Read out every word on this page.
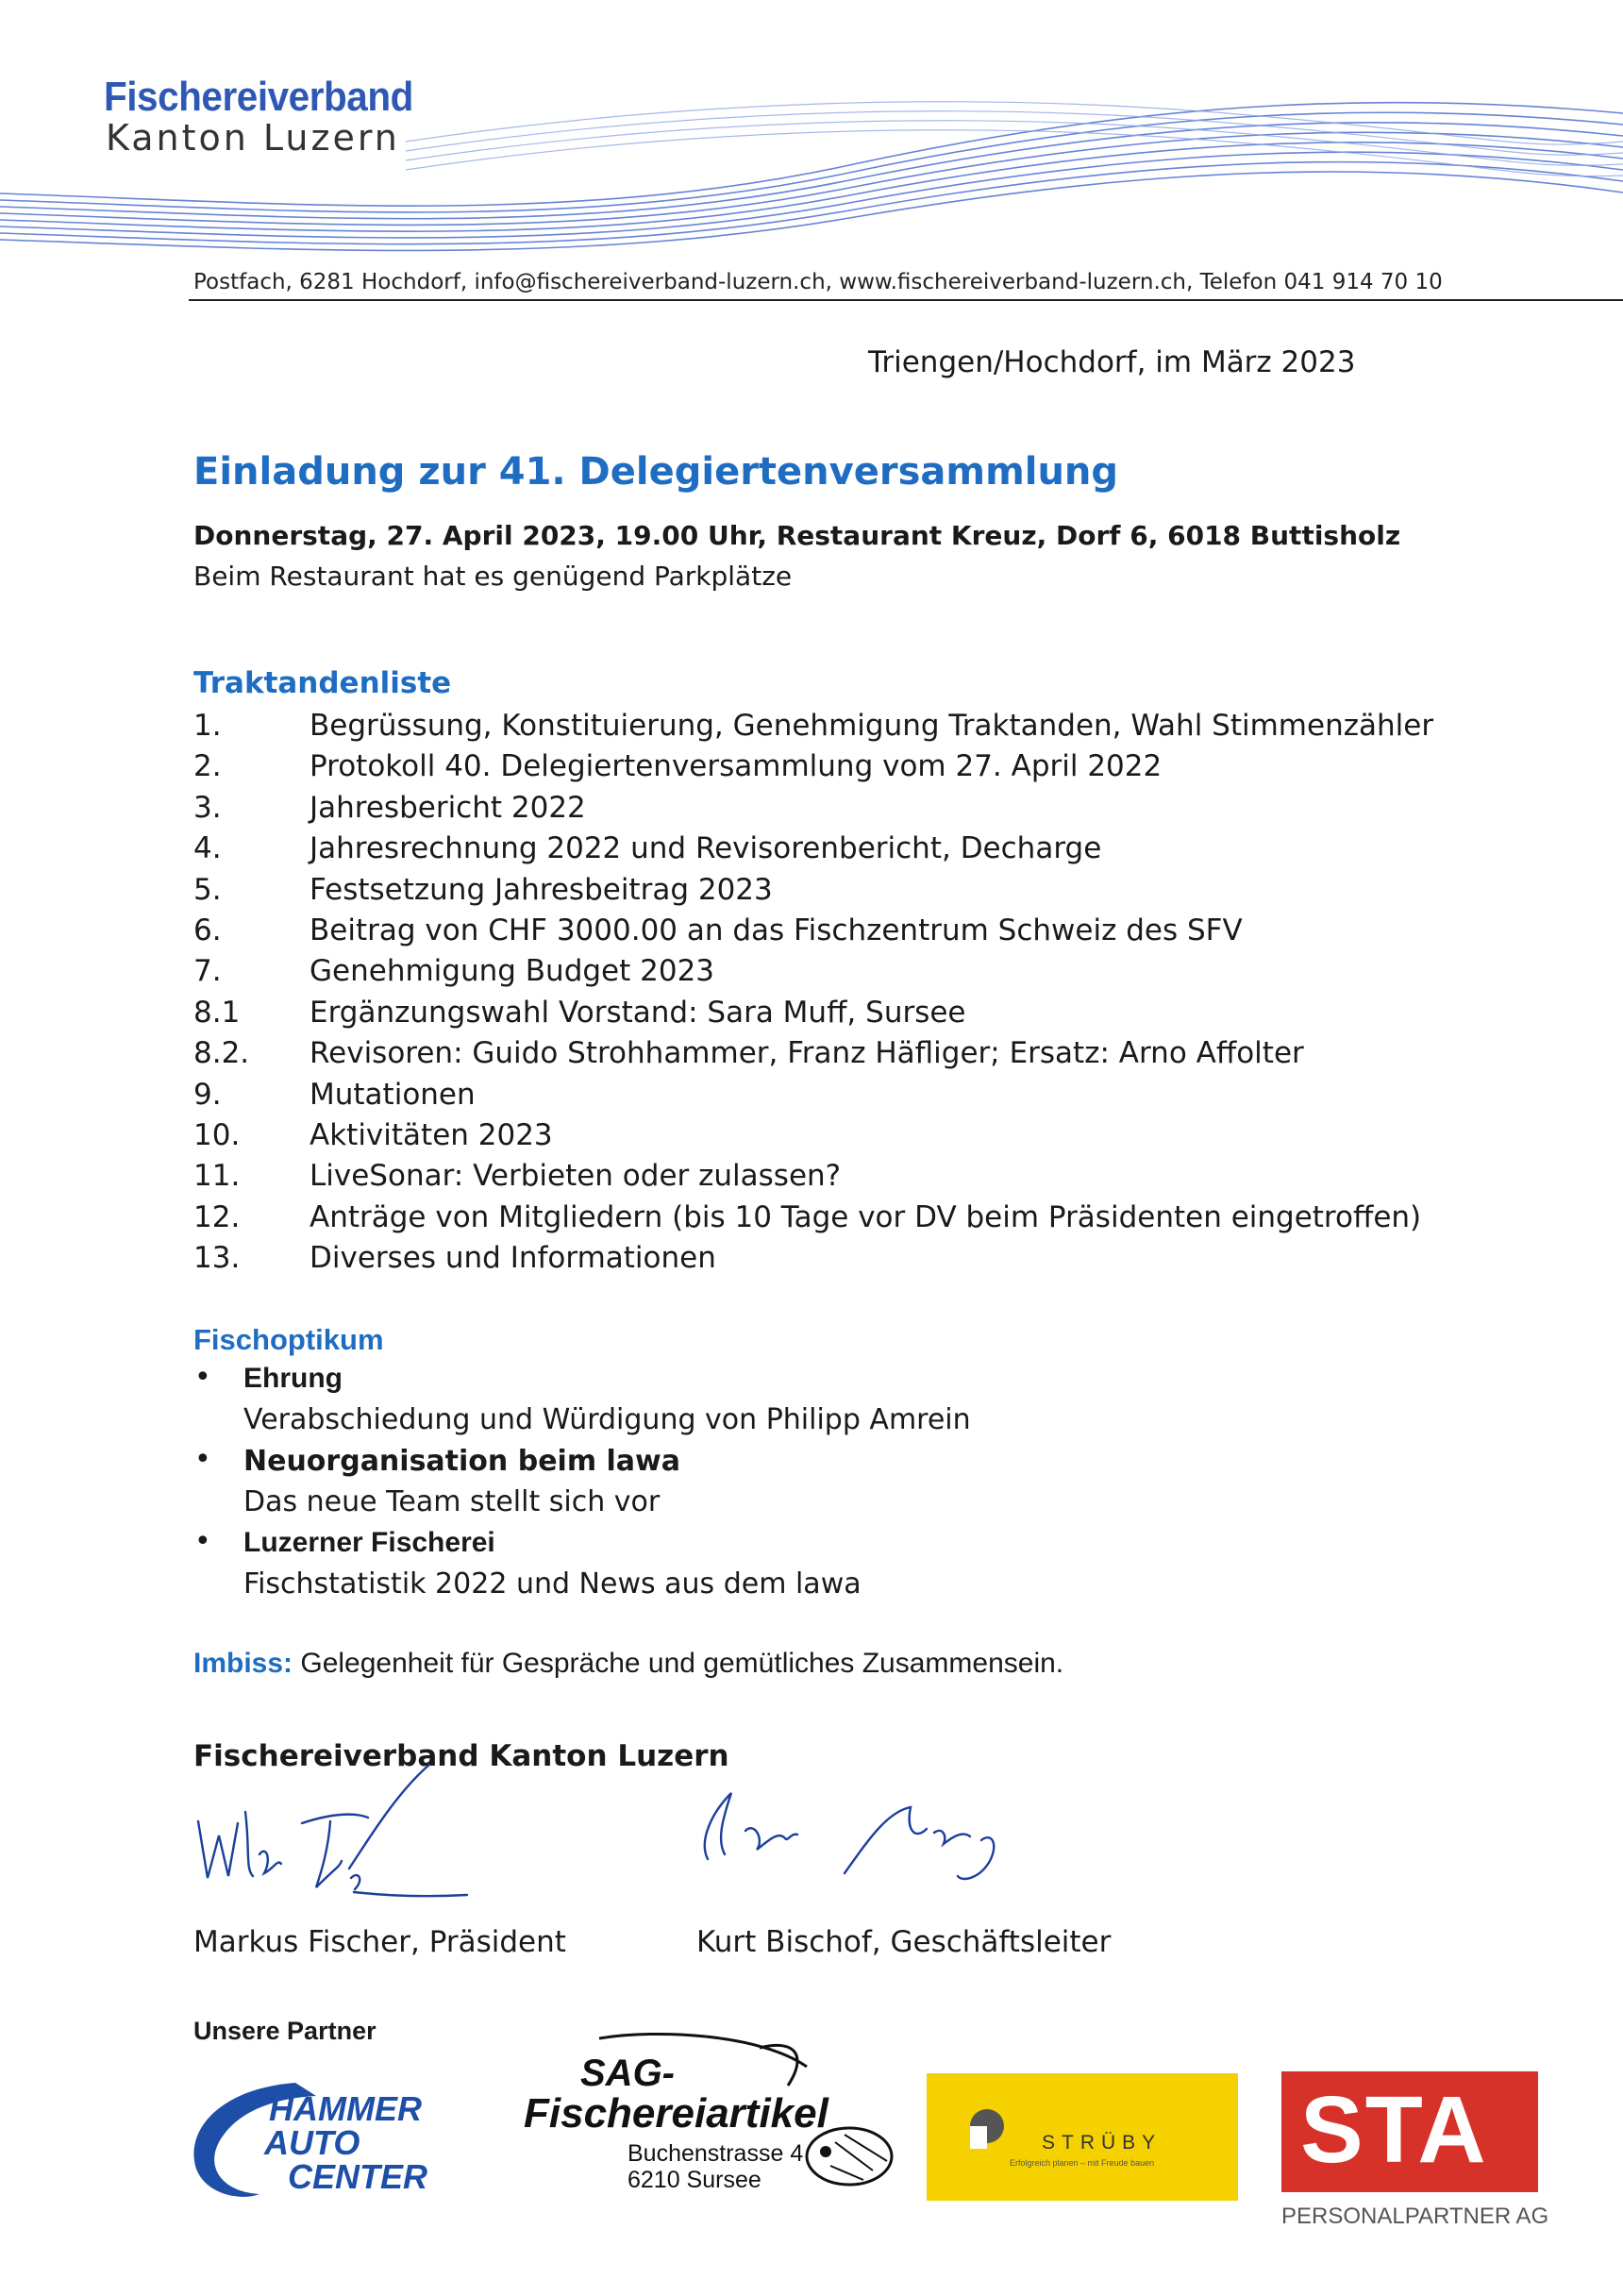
Fischereiverband
Kanton Luzern
Postfach, 6281 Hochdorf, info@fischereiverband-luzern.ch, www.fischereiverband-luzern.ch, Telefon 041 914 70 10
Triengen/Hochdorf, im März 2023
Einladung zur 41. Delegiertenversammlung
Donnerstag, 27. April 2023, 19.00 Uhr, Restaurant Kreuz, Dorf 6, 6018 Buttisholz
Beim Restaurant hat es genügend Parkplätze
Traktandenliste
1.	Begrüssung, Konstituierung, Genehmigung Traktanden, Wahl Stimmenzähler
2.	Protokoll 40. Delegiertenversammlung vom 27. April 2022
3.	Jahresbericht 2022
4.	Jahresrechnung 2022 und Revisorenbericht, Decharge
5.	Festsetzung Jahresbeitrag 2023
6.	Beitrag von CHF 3000.00 an das Fischzentrum Schweiz des SFV
7.	Genehmigung Budget 2023
8.1 Ergänzungswahl Vorstand: Sara Muff, Sursee
8.2. Revisoren: Guido Strohhammer, Franz Häfliger; Ersatz: Arno Affolter
9.	Mutationen
10. Aktivitäten 2023
11. LiveSonar: Verbieten oder zulassen?
12. Anträge von Mitgliedern (bis 10 Tage vor DV beim Präsidenten eingetroffen)
13. Diverses und Informationen
Fischoptikum
• Ehrung
Verabschiedung und Würdigung von Philipp Amrein
• Neuorganisation beim lawa
Das neue Team stellt sich vor
• Luzerner Fischerei
Fischstatistik 2022 und News aus dem lawa
Imbiss: Gelegenheit für Gespräche und gemütliches Zusammensein.
Fischereiverband Kanton Luzern
Markus Fischer, Präsident	Kurt Bischof, Geschäftsleiter
Unsere Partner
HAMMER
AUTO
CENTER
SAG-
Fischereiartikel
Buchenstrasse 4
6210 Sursee
STRÜBY
Erfolgreich planen – mit Freude bauen STA
PERSONALPARTNER AG
